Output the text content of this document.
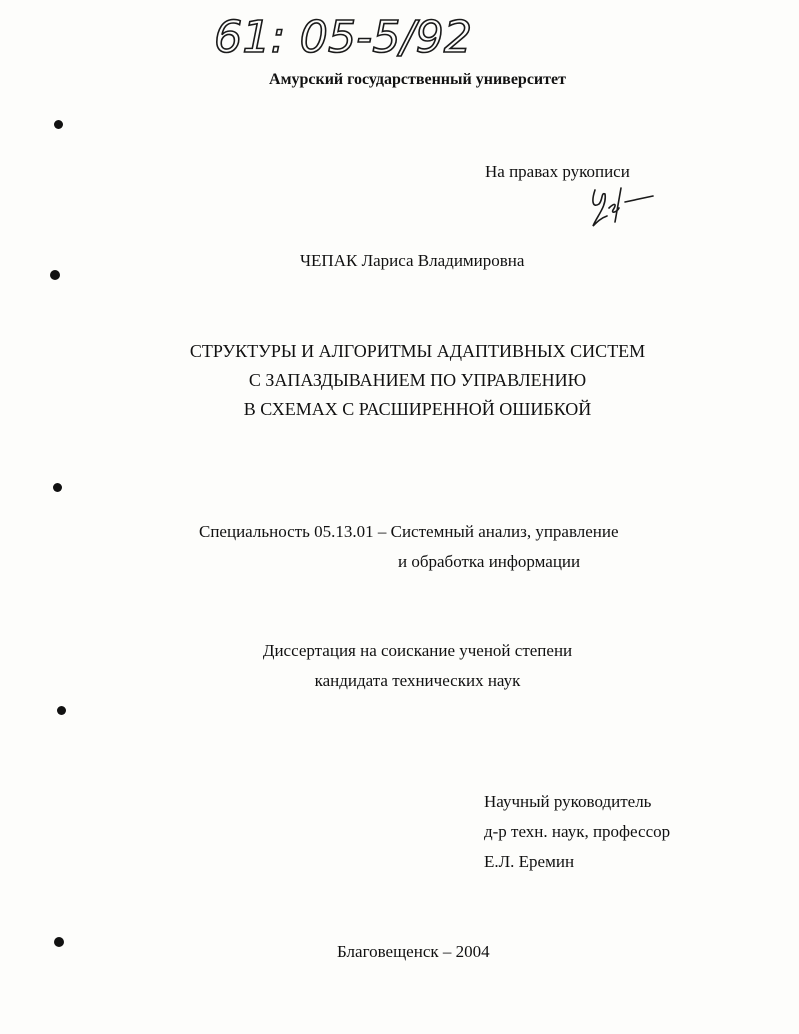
61: 05-5/92
Амурский государственный университет
На правах рукописи
ЧЕПАК Лариса Владимировна
СТРУКТУРЫ И АЛГОРИТМЫ АДАПТИВНЫХ СИСТЕМ
С ЗАПАЗДЫВАНИЕМ ПО УПРАВЛЕНИЮ
В СХЕМАХ С РАСШИРЕННОЙ ОШИБКОЙ
Специальность 05.13.01 – Системный анализ, управление
и обработка информации
Диссертация на соискание ученой степени
кандидата технических наук
Научный руководитель
д-р техн. наук, профессор
Е.Л. Еремин
Благовещенск – 2004
